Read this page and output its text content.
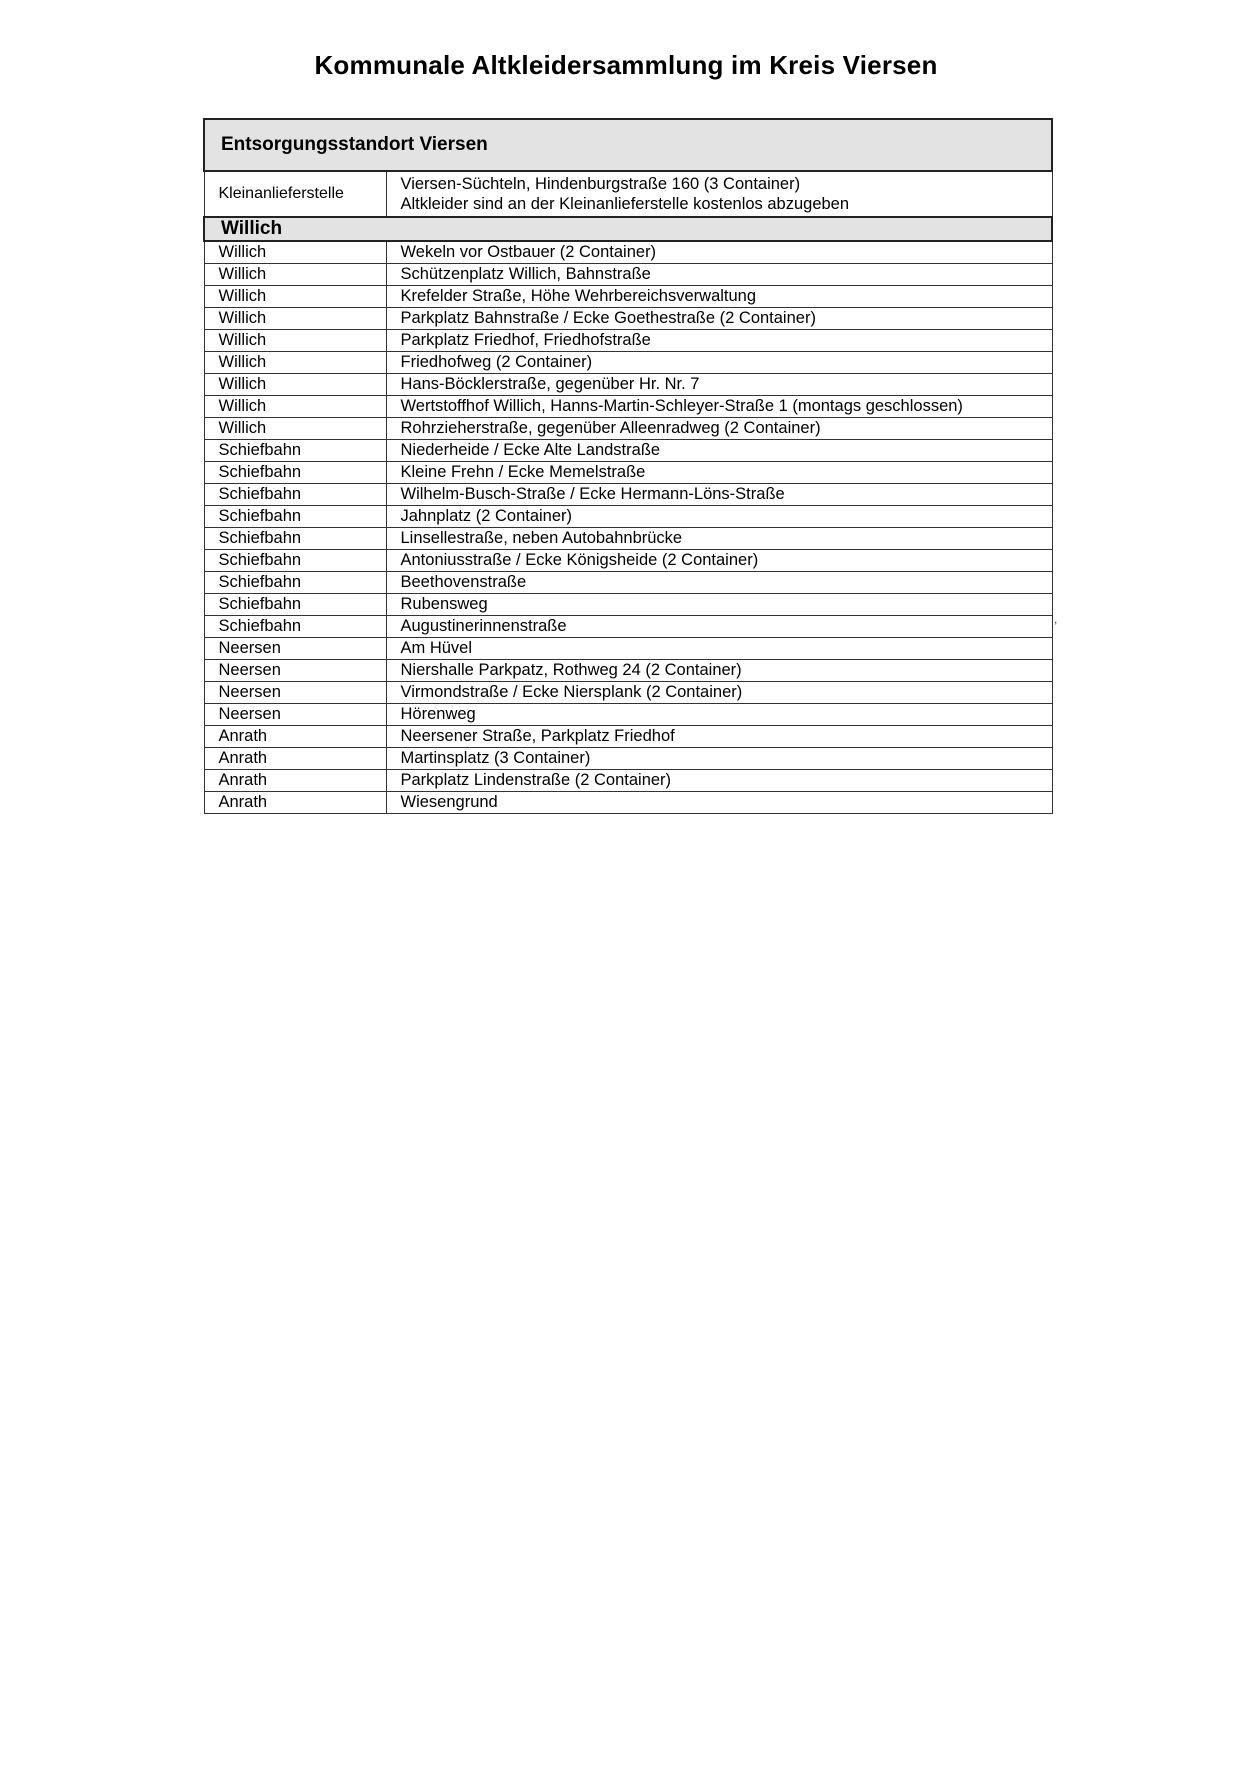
Kommunale Altkleidersammlung im Kreis Viersen
Entsorgungsstandort Viersen	
Kleinanlieferstelle	Viersen-Süchteln, Hindenburgstraße 160 (3 Container)
Altkleider sind an der Kleinanlieferstelle kostenlos abzugeben

Willich	
Willich	Wekeln vor Ostbauer (2 Container)
Willich	Schützenplatz Willich, Bahnstraße
Willich	Krefelder Straße, Höhe Wehrbereichsverwaltung
Willich	Parkplatz Bahnstraße / Ecke Goethestraße (2 Container)
Willich	Parkplatz Friedhof, Friedhofstraße
Willich	Friedhofweg (2 Container)
Willich	Hans-Böcklerstraße, gegenüber Hr. Nr. 7
Willich	Wertstoffhof Willich, Hanns-Martin-Schleyer-Straße 1 (montags geschlossen)
Willich	Rohrzieherstraße, gegenüber Alleenradweg (2 Container)
Schiefbahn	Niederheide / Ecke Alte Landstraße
Schiefbahn	Kleine Frehn / Ecke Memelstraße
Schiefbahn	Wilhelm-Busch-Straße / Ecke Hermann-Löns-Straße
Schiefbahn	Jahnplatz (2 Container)
Schiefbahn	Linsellestraße, neben Autobahnbrücke
Schiefbahn	Antoniusstraße / Ecke Königsheide (2 Container)
Schiefbahn	Beethovenstraße
Schiefbahn	Rubensweg
Schiefbahn	Augustinerinnenstraße
Neersen	Am Hüvel
Neersen	Niershalle Parkpatz, Rothweg 24 (2 Container)
Neersen	Virmondstraße / Ecke Niersplank (2 Container)
Neersen	Hörenweg
Anrath	Neersener Straße, Parkplatz Friedhof
Anrath	Martinsplatz (3 Container)
Anrath	Parkplatz Lindenstraße (2 Container)
Anrath	Wiesengrund
,
